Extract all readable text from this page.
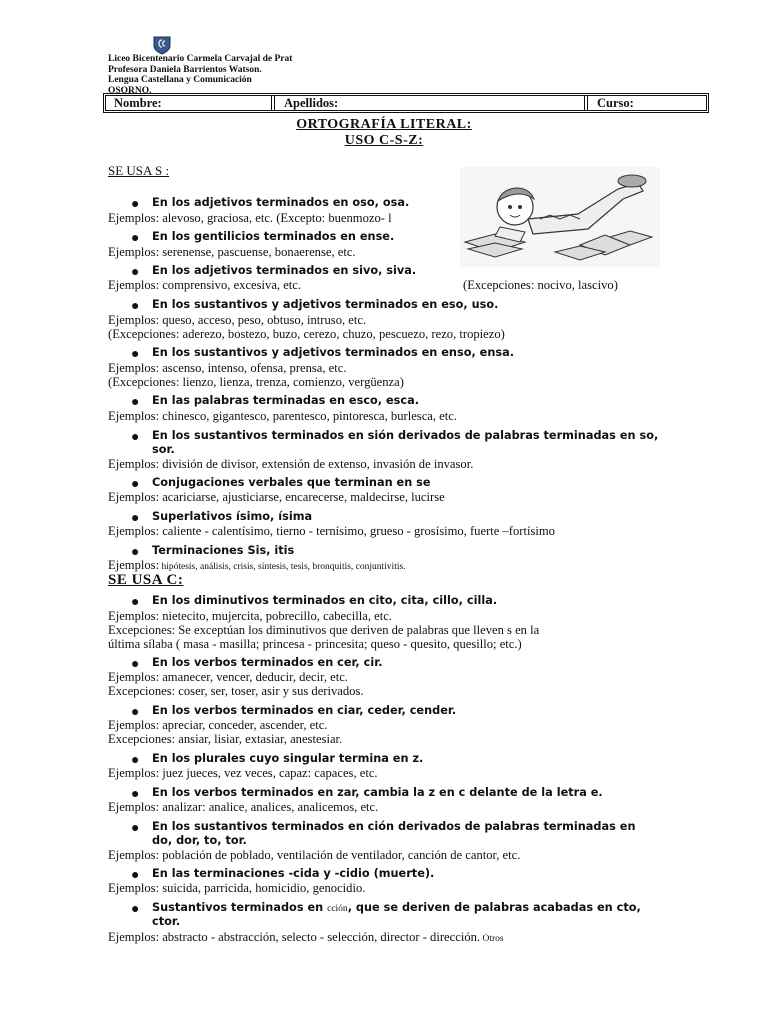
Liceo Bicentenario Carmela Carvajal de Prat
Profesora Daniela Barrientos Watson.
Lengua Castellana y Comunicación
OSORNO.
Nombre:	Apellidos:	Curso:
ORTOGRAFÍA LITERAL:
USO C-S-Z:
SE USA S :
● En los adjetivos terminados en oso, osa.
Ejemplos: alevoso, graciosa, etc. (Excepto: buenmozo- l
● En los gentilicios terminados en ense.
Ejemplos: serenense, pascuense, bonaerense, etc.
● En los adjetivos terminados en sivo, siva.
Ejemplos: comprensivo, excesiva, etc.	(Excepciones: nocivo, lascivo)
● En los sustantivos y adjetivos terminados en eso, uso.
Ejemplos: queso, acceso, peso, obtuso, intruso, etc.
(Excepciones: aderezo, bostezo, buzo, cerezo, chuzo, pescuezo, rezo, tropiezo)
● En los sustantivos y adjetivos terminados en enso, ensa.
Ejemplos: ascenso, intenso, ofensa, prensa, etc.
(Excepciones: lienzo, lienza, trenza, comienzo, vergüenza)
● En las palabras terminadas en esco, esca.
Ejemplos: chinesco, gigantesco, parentesco, pintoresca, burlesca, etc.
● En los sustantivos terminados en sión derivados de palabras terminadas en so,
sor.
Ejemplos: división de divisor, extensión de extenso, invasión de invasor.
● Conjugaciones verbales que terminan en se
Ejemplos: acariciarse, ajusticiarse, encarecerse, maldecirse, lucirse
● Superlativos ísimo, ísima
Ejemplos: caliente - calentísimo, tierno - ternísimo, grueso - grosísimo, fuerte –fortísimo
● Terminaciones Sis, itis
Ejemplos: hipótesis, análisis, crisis, síntesis, tesis, bronquitis, conjuntivitis.
SE USA C:
● En los diminutivos terminados en cito, cita, cillo, cilla.
Ejemplos: nietecito, mujercita, pobrecillo, cabecilla, etc.
Excepciones: Se exceptúan los diminutivos que deriven de palabras que lleven s en la
última sílaba ( masa - masilla; princesa - princesita; queso - quesito, quesillo; etc.)
● En los verbos terminados en cer, cir.
Ejemplos: amanecer, vencer, deducir, decir, etc.
Excepciones: coser, ser, toser, asir y sus derivados.
● En los verbos terminados en ciar, ceder, cender.
Ejemplos: apreciar, conceder, ascender, etc.
Excepciones: ansiar, lisiar, extasiar, anestesiar.
● En los plurales cuyo singular termina en z.
Ejemplos: juez jueces, vez veces, capaz: capaces, etc.
● En los verbos terminados en zar, cambia la z en c delante de la letra e.
Ejemplos: analizar: analice, analices, analicemos, etc.
● En los sustantivos terminados en ción derivados de palabras terminadas en
do, dor, to, tor.
Ejemplos: población de poblado, ventilación de ventilador, canción de cantor, etc.
● En las terminaciones -cida y -cidio (muerte).
Ejemplos: suicida, parricida, homicidio, genocidio.
● Sustantivos terminados en cción, que se deriven de palabras acabadas en cto,
ctor.
Ejemplos: abstracto - abstracción, selecto - selección, director - dirección. Otros
